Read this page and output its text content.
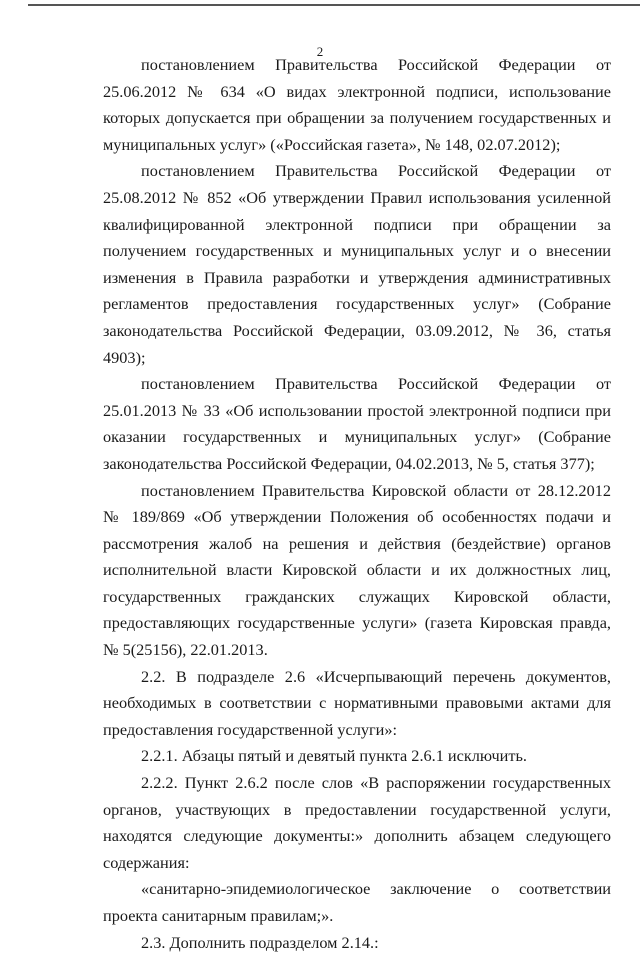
2

постановлением Правительства Российской Федерации от 25.06.2012 № 634 «О видах электронной подписи, использование которых допускается при обращении за получением государственных и муниципальных услуг» («Российская газета», № 148, 02.07.2012);

постановлением Правительства Российской Федерации от 25.08.2012 № 852 «Об утверждении Правил использования усиленной квалифицированной электронной подписи при обращении за получением государственных и муниципальных услуг и о внесении изменения в Правила разработки и утверждения административных регламентов предоставления государственных услуг» (Собрание законодательства Российской Федерации, 03.09.2012, № 36, статья 4903);

постановлением Правительства Российской Федерации от 25.01.2013 № 33 «Об использовании простой электронной подписи при оказании государственных и муниципальных услуг» (Собрание законодательства Российской Федерации, 04.02.2013, № 5, статья 377);

постановлением Правительства Кировской области от 28.12.2012 № 189/869 «Об утверждении Положения об особенностях подачи и рассмотрения жалоб на решения и действия (бездействие) органов исполнительной власти Кировской области и их должностных лиц, государственных гражданских служащих Кировской области, предоставляющих государственные услуги» (газета Кировская правда, № 5(25156), 22.01.2013.

2.2. В подразделе 2.6 «Исчерпывающий перечень документов, необходимых в соответствии с нормативными правовыми актами для предоставления государственной услуги»:

2.2.1. Абзацы пятый и девятый пункта 2.6.1 исключить.

2.2.2. Пункт 2.6.2 после слов «В распоряжении государственных органов, участвующих в предоставлении государственной услуги, находятся следующие документы:» дополнить абзацем следующего содержания:

«санитарно-эпидемиологическое заключение о соответствии проекта санитарным правилам;».

2.3. Дополнить подразделом 2.14.:
